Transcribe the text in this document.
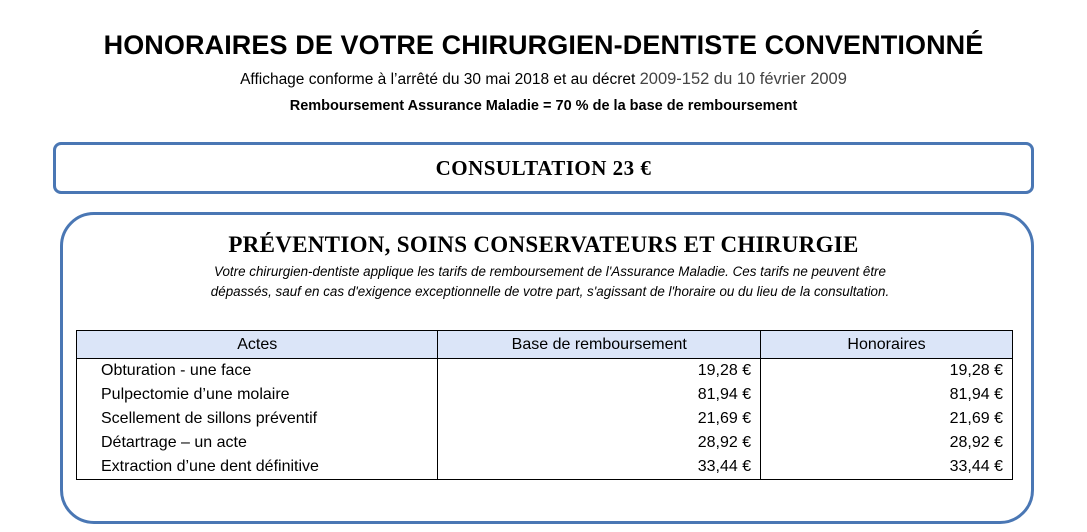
HONORAIRES DE VOTRE CHIRURGIEN-DENTISTE CONVENTIONNÉ
Affichage conforme à l’arrêté du 30 mai 2018 et au décret 2009-152 du 10 février 2009
Remboursement Assurance Maladie = 70 % de la base de remboursement
CONSULTATION 23 €
PRÉVENTION, SOINS CONSERVATEURS ET CHIRURGIE
Votre chirurgien-dentiste applique les tarifs de remboursement de l'Assurance Maladie. Ces tarifs ne peuvent être
dépassés, sauf en cas d'exigence exceptionnelle de votre part, s'agissant de l'horaire ou du lieu de la consultation.
Actes	Base de remboursement	Honoraires
Obturation - une face	19,28 €	19,28 €
Pulpectomie d’une molaire	81,94 €	81,94 €
Scellement de sillons préventif	21,69 €	21,69 €
Détartrage – un acte	28,92 €	28,92 €
Extraction d’une dent définitive	33,44 €	33,44 €
